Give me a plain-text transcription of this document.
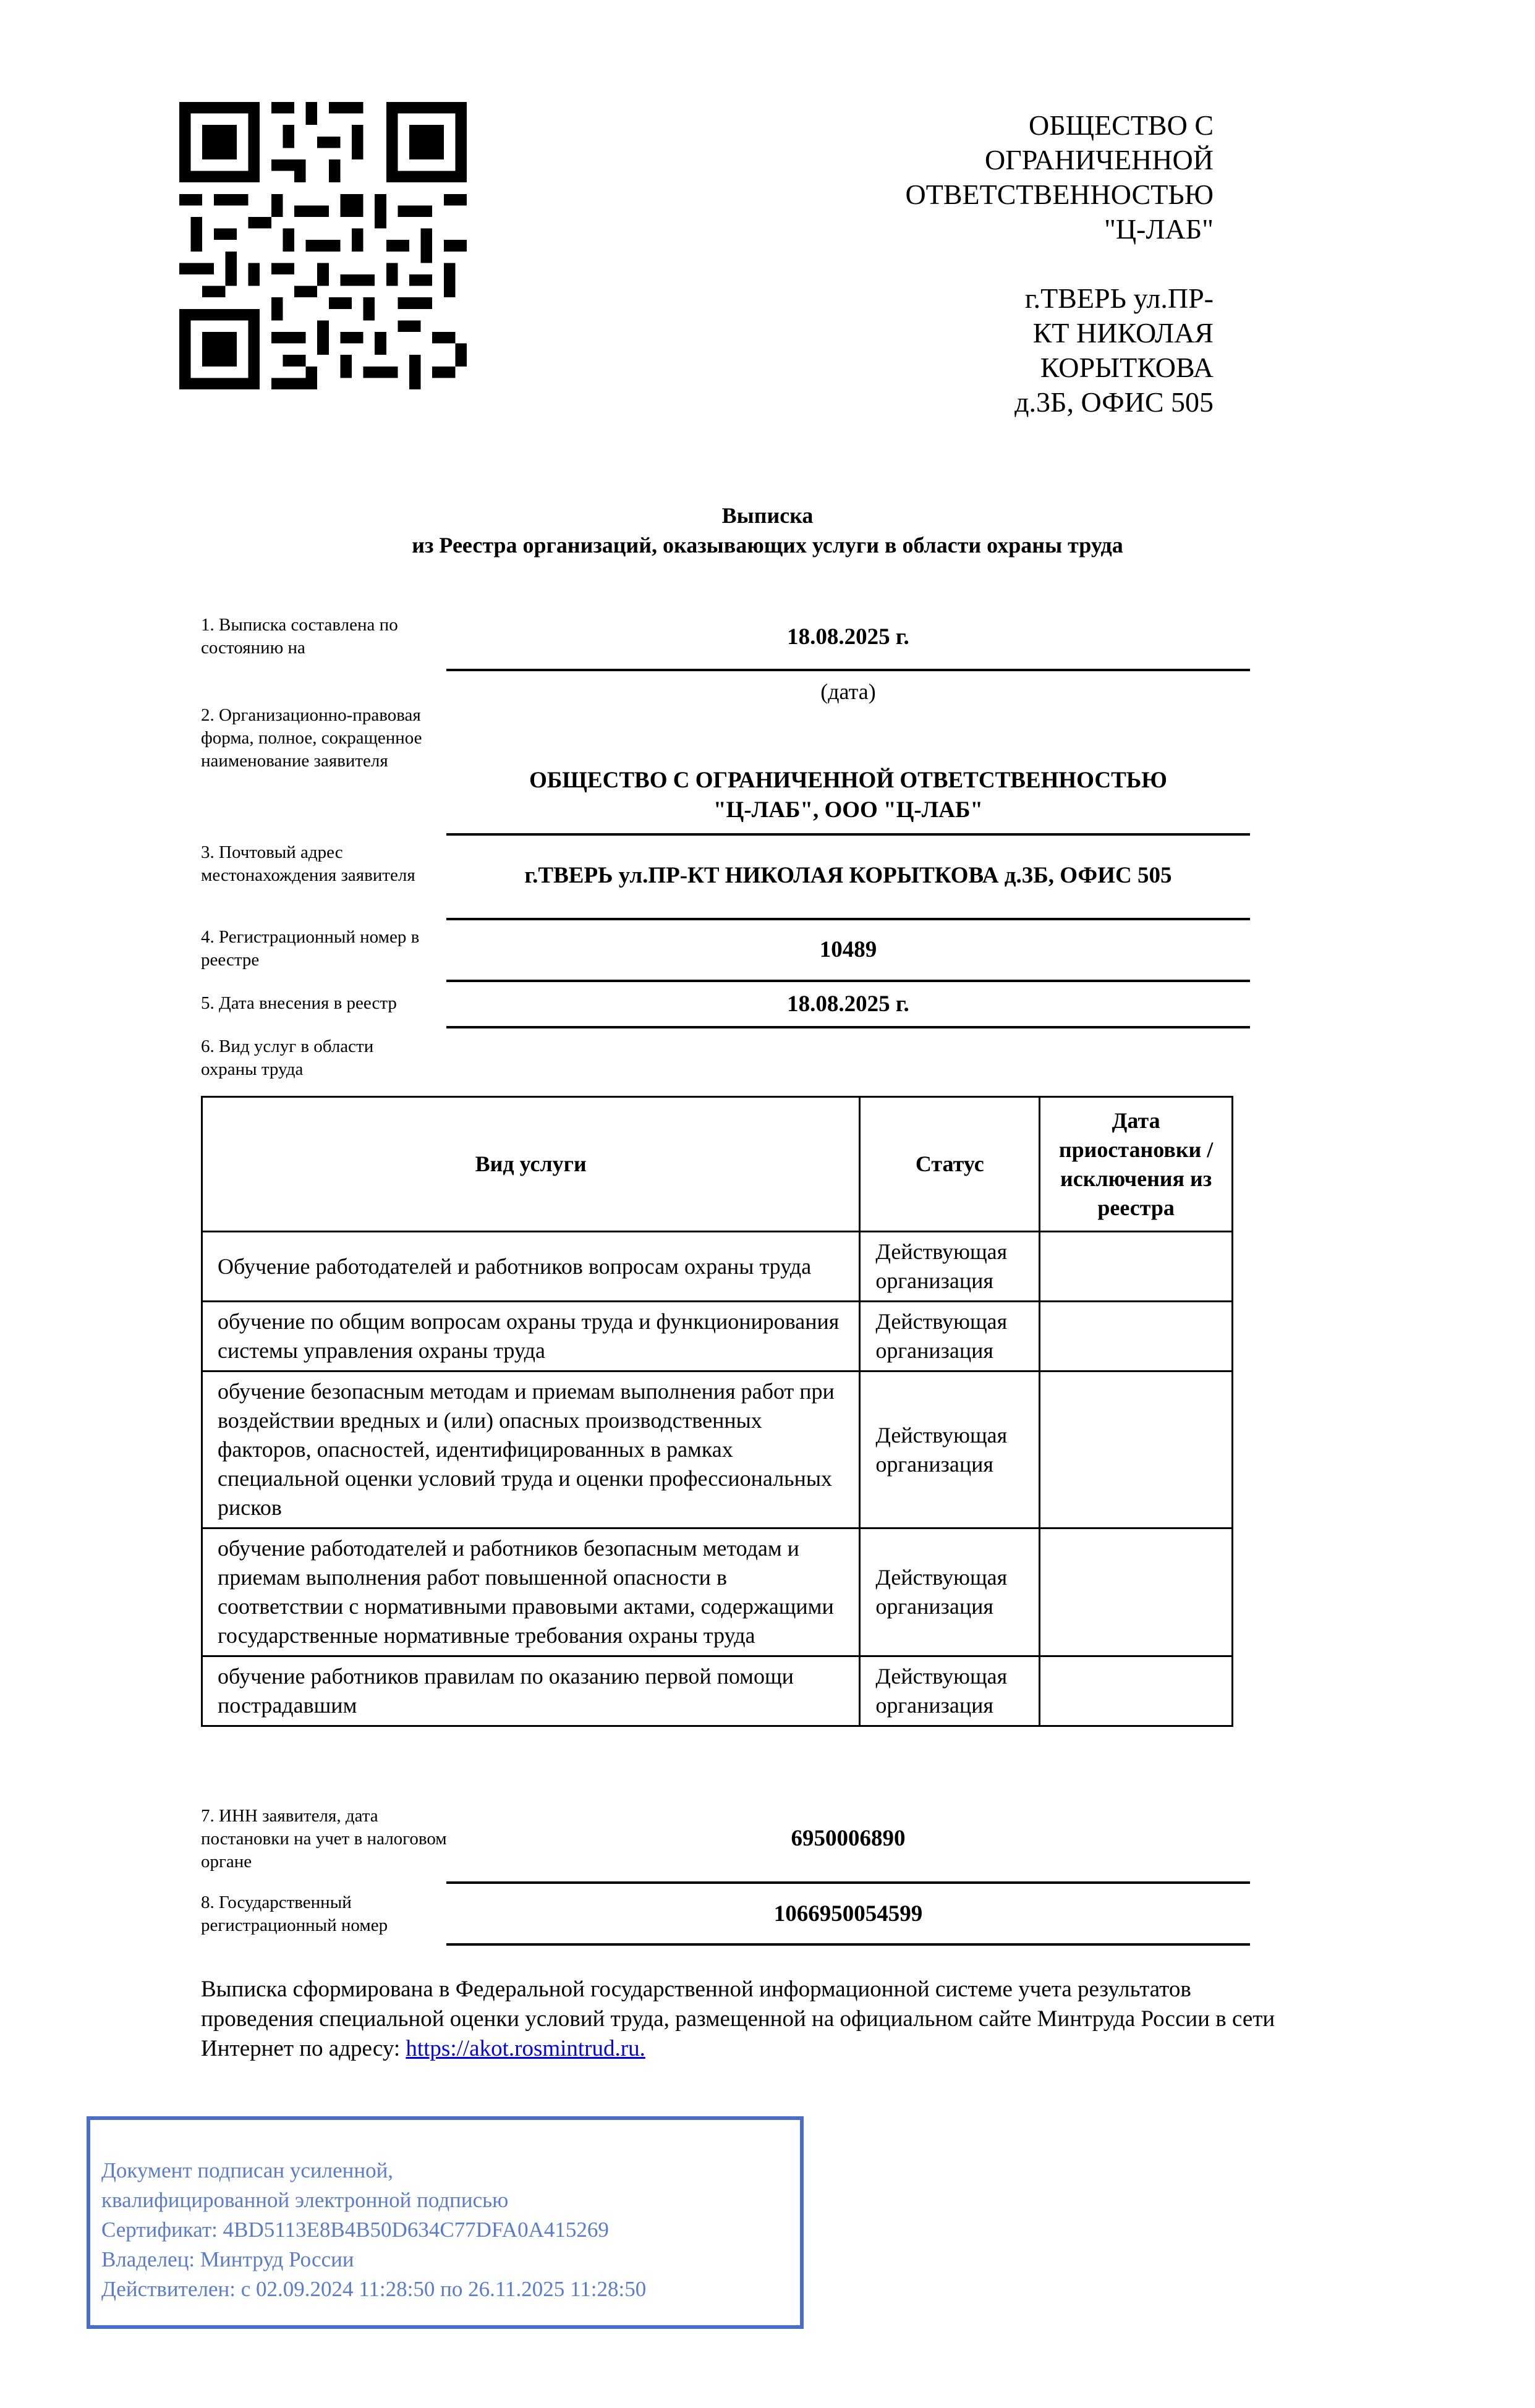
ОБЩЕСТВО С
ОГРАНИЧЕННОЙ
ОТВЕТСТВЕННОСТЬЮ
"Ц-ЛАБ"
г.ТВЕРЬ ул.ПР-
КТ НИКОЛАЯ
КОРЫТКОВА
д.3Б, ОФИС 505
Выписка
из Реестра организаций, оказывающих услуги в области охраны труда
1. Выписка составлена по состоянию на	18.08.2025 г.
(дата)
2. Организационно-правовая форма, полное, сокращенное наименование заявителя
ОБЩЕСТВО С ОГРАНИЧЕННОЙ ОТВЕТСТВЕННОСТЬЮ
"Ц-ЛАБ", ООО "Ц-ЛАБ"
3. Почтовый адрес местонахождения заявителя	г.ТВЕРЬ ул.ПР-КТ НИКОЛАЯ КОРЫТКОВА д.3Б, ОФИС 505
4. Регистрационный номер в реестре	10489
5. Дата внесения в реестр	18.08.2025 г.
6. Вид услуг в области охраны труда
Вид услуги	Статус	Дата приостановки / исключения из реестра
Обучение работодателей и работников вопросам охраны труда	Действующая организация	
обучение по общим вопросам охраны труда и функционирования системы управления охраны труда	Действующая организация	
обучение безопасным методам и приемам выполнения работ при воздействии вредных и (или) опасных производственных факторов, опасностей, идентифицированных в рамках специальной оценки условий труда и оценки профессиональных рисков	Действующая организация	
обучение работодателей и работников безопасным методам и приемам выполнения работ повышенной опасности в соответствии с нормативными правовыми актами, содержащими государственные нормативные требования охраны труда	Действующая организация	
обучение работников правилам по оказанию первой помощи пострадавшим	Действующая организация	
7. ИНН заявителя, дата постановки на учет в налоговом органе
6950006890
8. Государственный регистрационный номер	1066950054599
Выписка сформирована в Федеральной государственной информационной системе учета результатов проведения специальной оценки условий труда, размещенной на официальном сайте Минтруда России в сети Интернет по адресу: https://akot.rosmintrud.ru.
Документ подписан усиленной,
квалифицированной электронной подписью
Сертификат: 4BD5113E8B4B50D634C77DFA0A415269
Владелец: Минтруд России
Действителен: с 02.09.2024 11:28:50 по 26.11.2025 11:28:50
